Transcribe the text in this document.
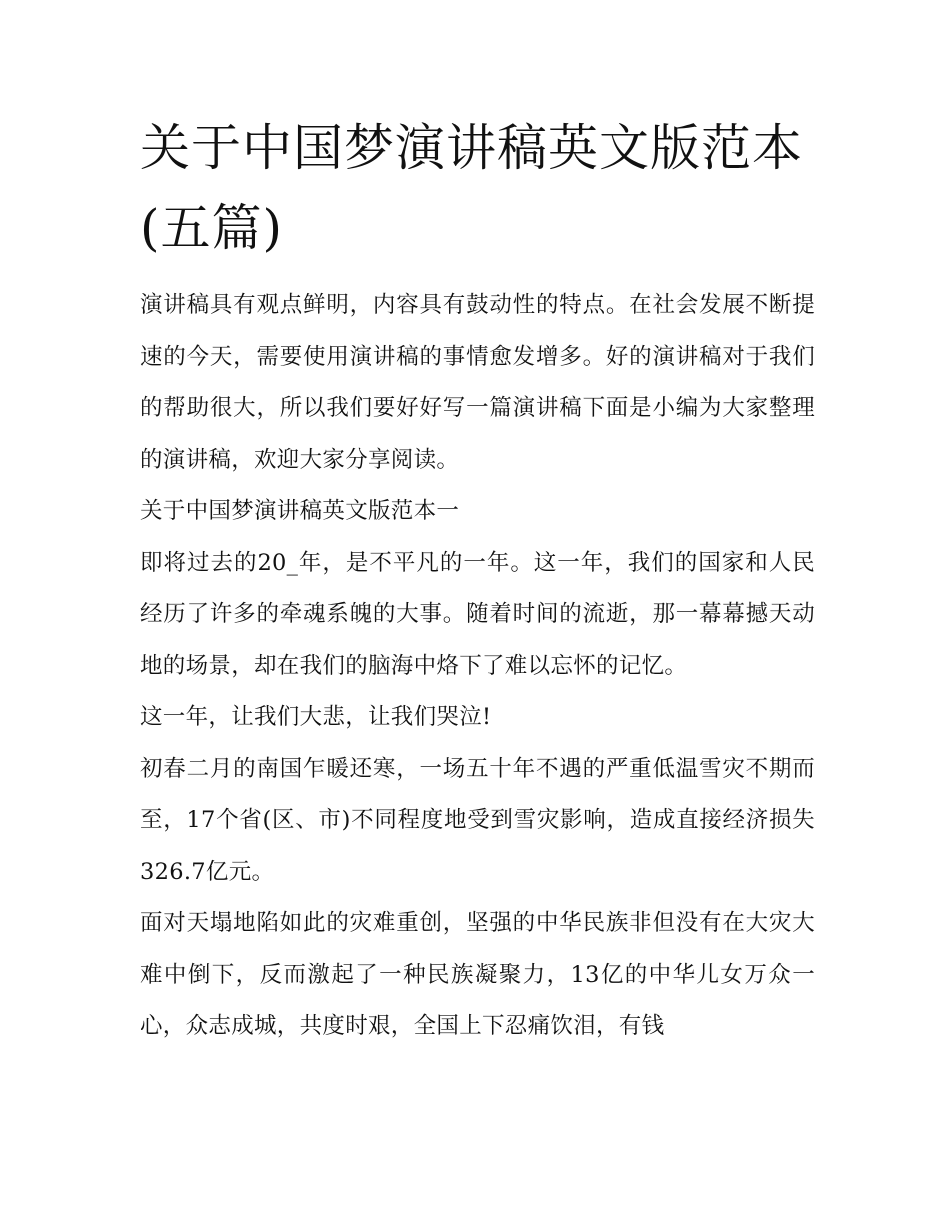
关于中国梦演讲稿英文版范本(五篇)

演讲稿具有观点鲜明，内容具有鼓动性的特点。在社会发展不断提速的今天，需要使用演讲稿的事情愈发增多。好的演讲稿对于我们的帮助很大，所以我们要好好写一篇演讲稿下面是小编为大家整理的演讲稿，欢迎大家分享阅读。

关于中国梦演讲稿英文版范本一

即将过去的20_年，是不平凡的一年。这一年，我们的国家和人民经历了许多的牵魂系魄的大事。随着时间的流逝，那一幕幕撼天动地的场景，却在我们的脑海中烙下了难以忘怀的记忆。

这一年，让我们大悲，让我们哭泣!

初春二月的南国乍暖还寒，一场五十年不遇的严重低温雪灾不期而至，17个省(区、市)不同程度地受到雪灾影响，造成直接经济损失326.7亿元。

面对天塌地陷如此的灾难重创，坚强的中华民族非但没有在大灾大难中倒下，反而激起了一种民族凝聚力，13亿的中华儿女万众一心，众志成城，共度时艰，全国上下忍痛饮泪，有钱
